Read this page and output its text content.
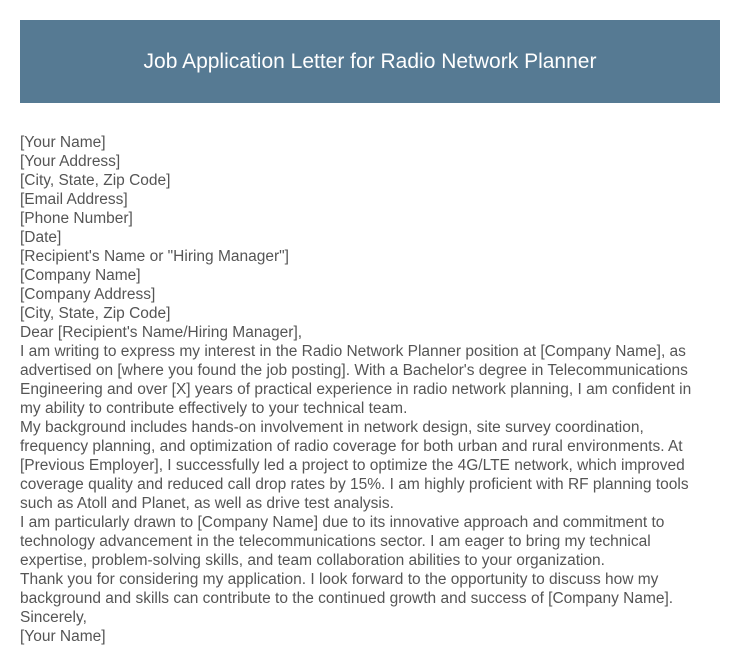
Job Application Letter for Radio Network Planner
[Your Name]
[Your Address]
[City, State, Zip Code]
[Email Address]
[Phone Number]
[Date]
[Recipient's Name or "Hiring Manager"]
[Company Name]
[Company Address]
[City, State, Zip Code]
Dear [Recipient's Name/Hiring Manager],

I am writing to express my interest in the Radio Network Planner position at [Company Name], as
advertised on [where you found the job posting]. With a Bachelor's degree in Telecommunications
Engineering and over [X] years of practical experience in radio network planning, I am confident in
my ability to contribute effectively to your technical team.

My background includes hands-on involvement in network design, site survey coordination,
frequency planning, and optimization of radio coverage for both urban and rural environments. At
[Previous Employer], I successfully led a project to optimize the 4G/LTE network, which improved
coverage quality and reduced call drop rates by 15%. I am highly proficient with RF planning tools
such as Atoll and Planet, as well as drive test analysis.

I am particularly drawn to [Company Name] due to its innovative approach and commitment to
technology advancement in the telecommunications sector. I am eager to bring my technical
expertise, problem-solving skills, and team collaboration abilities to your organization.

Thank you for considering my application. I look forward to the opportunity to discuss how my
background and skills can contribute to the continued growth and success of [Company Name].

Sincerely,
[Your Name]
